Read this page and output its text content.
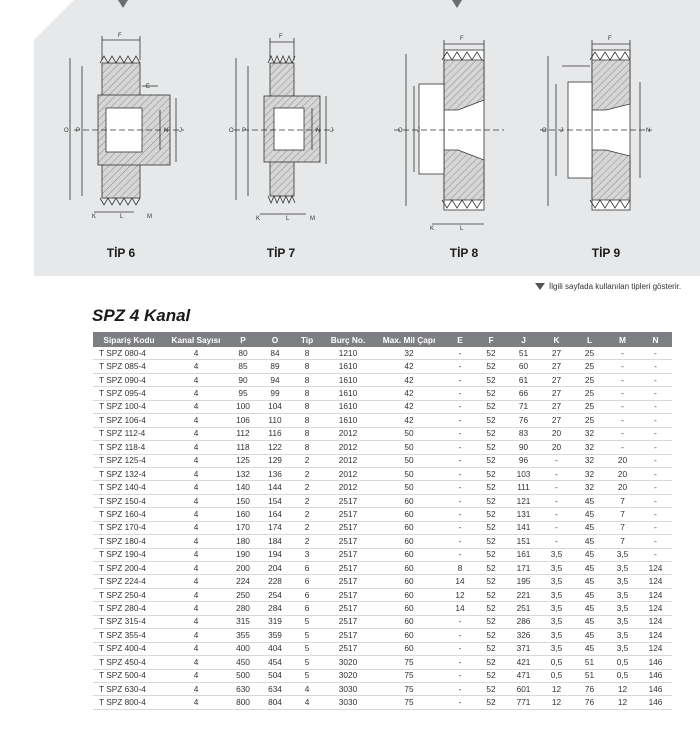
F
E
O P	N J
K	L	M
F
O P	N J
K	L	M
F
O J
K	L
F
O J	N
TİP 6	TİP 7	TİP 8	TİP 9
İlgili sayfada kullanılan tipleri gösterir.
SPZ 4 Kanal
Sipariş Kodu	Kanal Sayısı	P	O	Tip	Burç No.	Max. Mil Çapı	E	F	J	K	L	M	N
T SPZ 080-4	4	80	84	8	1210	32	-	52	51	27	25	-	-
T SPZ 085-4	4	85	89	8	1610	42	-	52	60	27	25	-	-
T SPZ 090-4	4	90	94	8	1610	42	-	52	61	27	25	-	-
T SPZ 095-4	4	95	99	8	1610	42	-	52	66	27	25	-	-
T SPZ 100-4	4	100	104	8	1610	42	-	52	71	27	25	-	-
T SPZ 106-4	4	106	110	8	1610	42	-	52	76	27	25	-	-
T SPZ 112-4	4	112	116	8	2012	50	-	52	83	20	32	-	-
T SPZ 118-4	4	118	122	8	2012	50	-	52	90	20	32	-	-
T SPZ 125-4	4	125	129	2	2012	50	-	52	96	-	32	20	-
T SPZ 132-4	4	132	136	2	2012	50	-	52	103	-	32	20	-
T SPZ 140-4	4	140	144	2	2012	50	-	52	111	-	32	20	-
T SPZ 150-4	4	150	154	2	2517	60	-	52	121	-	45	7	-
T SPZ 160-4	4	160	164	2	2517	60	-	52	131	-	45	7	-
T SPZ 170-4	4	170	174	2	2517	60	-	52	141	-	45	7	-
T SPZ 180-4	4	180	184	2	2517	60	-	52	151	-	45	7	-
T SPZ 190-4	4	190	194	3	2517	60	-	52	161	3,5	45	3,5	-
T SPZ 200-4	4	200	204	6	2517	60	8	52	171	3,5	45	3,5	124
T SPZ 224-4	4	224	228	6	2517	60	14	52	195	3,5	45	3,5	124
T SPZ 250-4	4	250	254	6	2517	60	12	52	221	3,5	45	3,5	124
T SPZ 280-4	4	280	284	6	2517	60	14	52	251	3,5	45	3,5	124
T SPZ 315-4	4	315	319	5	2517	60	-	52	286	3,5	45	3,5	124
T SPZ 355-4	4	355	359	5	2517	60	-	52	326	3,5	45	3,5	124
T SPZ 400-4	4	400	404	5	2517	60	-	52	371	3,5	45	3,5	124
T SPZ 450-4	4	450	454	5	3020	75	-	52	421	0,5	51	0,5	146
T SPZ 500-4	4	500	504	5	3020	75	-	52	471	0,5	51	0,5	146
T SPZ 630-4	4	630	634	4	3030	75	-	52	601	12	76	12	146
T SPZ 800-4	4	800	804	4	3030	75	-	52	771	12	76	12	146
